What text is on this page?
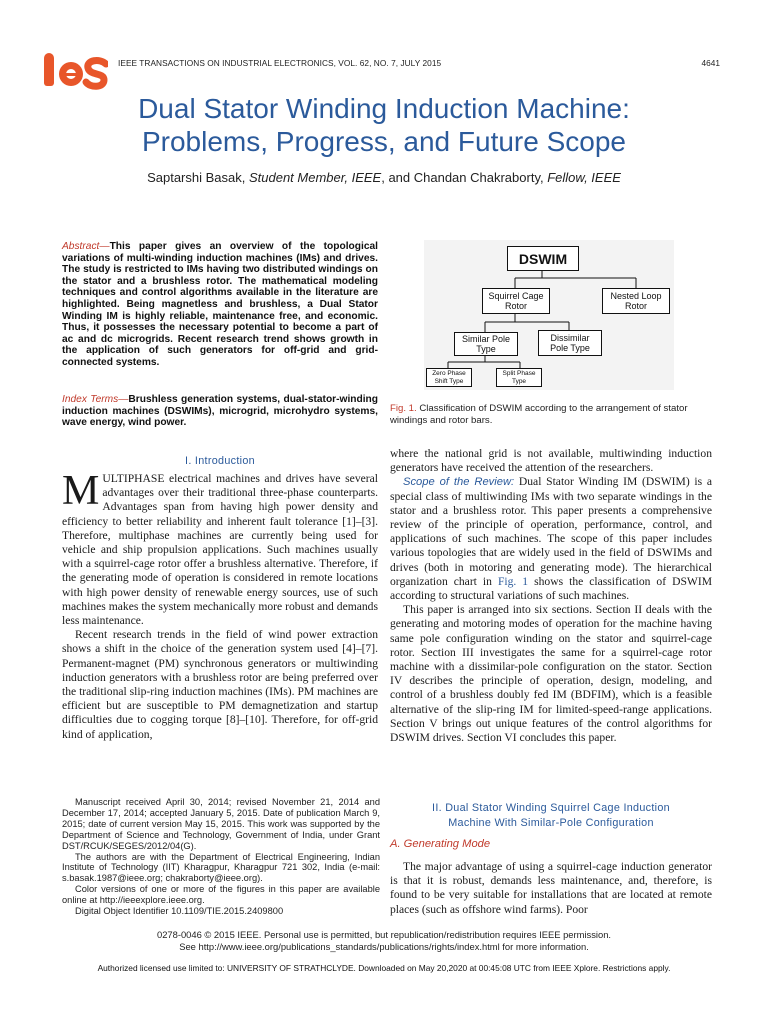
IEEE TRANSACTIONS ON INDUSTRIAL ELECTRONICS, VOL. 62, NO. 7, JULY 2015	4641
Dual Stator Winding Induction Machine:
Problems, Progress, and Future Scope
Saptarshi Basak, Student Member, IEEE, and Chandan Chakraborty, Fellow, IEEE
Abstract—This paper gives an overview of the topological variations of multi-winding induction machines (IMs) and drives. The study is restricted to IMs having two distributed windings on the stator and a brushless rotor. The mathematical modeling techniques and control algorithms available in the literature are highlighted. Being magnetless and brushless, a Dual Stator Winding IM is highly reliable, maintenance free, and economic. Thus, it possesses the necessary potential to become a part of ac and dc microgrids. Recent research trend shows growth in the application of such generators for off-grid and grid-connected systems.
Index Terms—Brushless generation systems, dual-stator-winding induction machines (DSWIMs), microgrid, microhydro systems, wave energy, wind power.
I. Introduction

MULTIPHASE electrical machines and drives have several advantages over their traditional three-phase counterparts. Advantages span from having high power density and efficiency to better reliability and inherent fault tolerance [1]–[3]. Therefore, multiphase machines are currently being used for vehicle and ship propulsion applications. Such machines usually with a squirrel-cage rotor offer a brushless alternative. Therefore, if the generating mode of operation is considered in remote locations with high power density of renewable energy sources, use of such machines makes the system mechanically more robust and demands less maintenance.

Recent research trends in the field of wind power extraction shows a shift in the choice of the generation system used [4]–[7]. Permanent-magnet (PM) synchronous generators or multiwinding induction generators with a brushless rotor are being preferred over the traditional slip-ring induction machines (IMs). PM machines are efficient but are susceptible to PM demagnetization and startup difficulties due to cogging torque [8]–[10]. Therefore, for off-grid kind of application,

where the national grid is not available, multiwinding induction generators have received the attention of the researchers.

Scope of the Review: Dual Stator Winding IM (DSWIM) is a special class of multiwinding IMs with two separate windings in the stator and a brushless rotor. This paper presents a comprehensive review of the principle of operation, performance, control, and applications of such machines. The scope of this paper includes various topologies that are widely used in the field of DSWIMs and drives (both in motoring and generating mode). The hierarchical organization chart in Fig. 1 shows the classification of DSWIM according to structural variations of such machines.

This paper is arranged into six sections. Section II deals with the generating and motoring modes of operation for the machine having same pole configuration winding on the stator and squirrel-cage rotor. Section III investigates the same for a squirrel-cage rotor machine with a dissimilar-pole configuration on the stator. Section IV describes the principle of operation, design, modeling, and control of a brushless doubly fed IM (BDFIM), which is a feasible alternative of the slip-ring IM for limited-speed-range applications. Section V brings out unique features of the control algorithms for DSWIM drives. Section VI concludes this paper.

II. Dual Stator Winding Squirrel Cage Induction
Machine With Similar-Pole Configuration
A. Generating Mode

The major advantage of using a squirrel-cage induction generator is that it is robust, demands less maintenance, and, therefore, is found to be very suitable for installations that are located at remote places (such as offshore wind farms). Poor

Manuscript received April 30, 2014; revised November 21, 2014 and December 17, 2014; accepted January 5, 2015. Date of publication March 9, 2015; date of current version May 15, 2015. This work was supported by the Department of Science and Technology, Government of India, under Grant DST/RCUK/SEGES/2012/04(G).

The authors are with the Department of Electrical Engineering, Indian Institute of Technology (IIT) Kharagpur, Kharagpur 721 302, India (e-mail: s.basak.1987@ieee.org; chakraborty@ieee.org).

Color versions of one or more of the figures in this paper are available online at http://ieeexplore.ieee.org.

Digital Object Identifier 10.1109/TIE.2015.2409800

DSWIM
Squirrel Cage
Rotor
Nested Loop
Rotor
Similar Pole
Type
Dissimilar
Pole Type
Zero Phase
Shift Type
Split Phase
Type
Fig. 1. Classification of DSWIM according to the arrangement of stator windings and rotor bars.
0278-0046 © 2015 IEEE. Personal use is permitted, but republication/redistribution requires IEEE permission.
See http://www.ieee.org/publications_standards/publications/rights/index.html for more information.
Authorized licensed use limited to: UNIVERSITY OF STRATHCLYDE. Downloaded on May 20,2020 at 00:45:08 UTC from IEEE Xplore. Restrictions apply.
